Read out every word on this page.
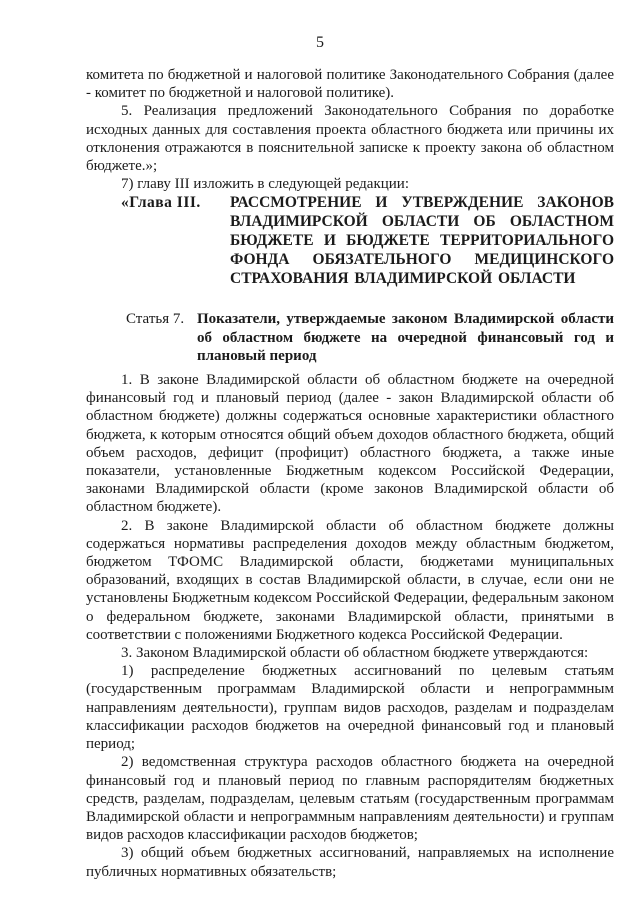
5

комитета по бюджетной и налоговой политике Законодательного Собрания (далее - комитет по бюджетной и налоговой политике).

5. Реализация предложений Законодательного Собрания по доработке исходных данных для составления проекта областного бюджета или причины их отклонения отражаются в пояснительной записке к проекту закона об областном бюджете.»;

7) главу III изложить в следующей редакции:

«Глава III.	РАССМОТРЕНИЕ И УТВЕРЖДЕНИЕ ЗАКОНОВ ВЛАДИМИРСКОЙ ОБЛАСТИ ОБ ОБЛАСТНОМ БЮДЖЕТЕ И БЮДЖЕТЕ ТЕРРИТОРИАЛЬНОГО ФОНДА ОБЯЗАТЕЛЬНОГО МЕДИЦИНСКОГО СТРАХОВАНИЯ ВЛАДИМИРСКОЙ ОБЛАСТИ
Статья 7. Показатели, утверждаемые законом Владимирской области об областном бюджете на очередной финансовый год и плановый период

1. В законе Владимирской области об областном бюджете на очередной финансовый год и плановый период (далее - закон Владимирской области об областном бюджете) должны содержаться основные характеристики областного бюджета, к которым относятся общий объем доходов областного бюджета, общий объем расходов, дефицит (профицит) областного бюджета, а также иные показатели, установленные Бюджетным кодексом Российской Федерации, законами Владимирской области (кроме законов Владимирской области об областном бюджете).

2. В законе Владимирской области об областном бюджете должны содержаться нормативы распределения доходов между областным бюджетом, бюджетом ТФОМС Владимирской области, бюджетами муниципальных образований, входящих в состав Владимирской области, в случае, если они не установлены Бюджетным кодексом Российской Федерации, федеральным законом о федеральном бюджете, законами Владимирской области, принятыми в соответствии с положениями Бюджетного кодекса Российской Федерации.

3. Законом Владимирской области об областном бюджете утверждаются:

1) распределение бюджетных ассигнований по целевым статьям (государственным программам Владимирской области и непрограммным направлениям деятельности), группам видов расходов, разделам и подразделам классификации расходов бюджетов на очередной финансовый год и плановый период;

2) ведомственная структура расходов областного бюджета на очередной финансовый год и плановый период по главным распорядителям бюджетных средств, разделам, подразделам, целевым статьям (государственным программам Владимирской области и непрограммным направлениям деятельности) и группам видов расходов классификации расходов бюджетов;

3) общий объем бюджетных ассигнований, направляемых на исполнение публичных нормативных обязательств;
